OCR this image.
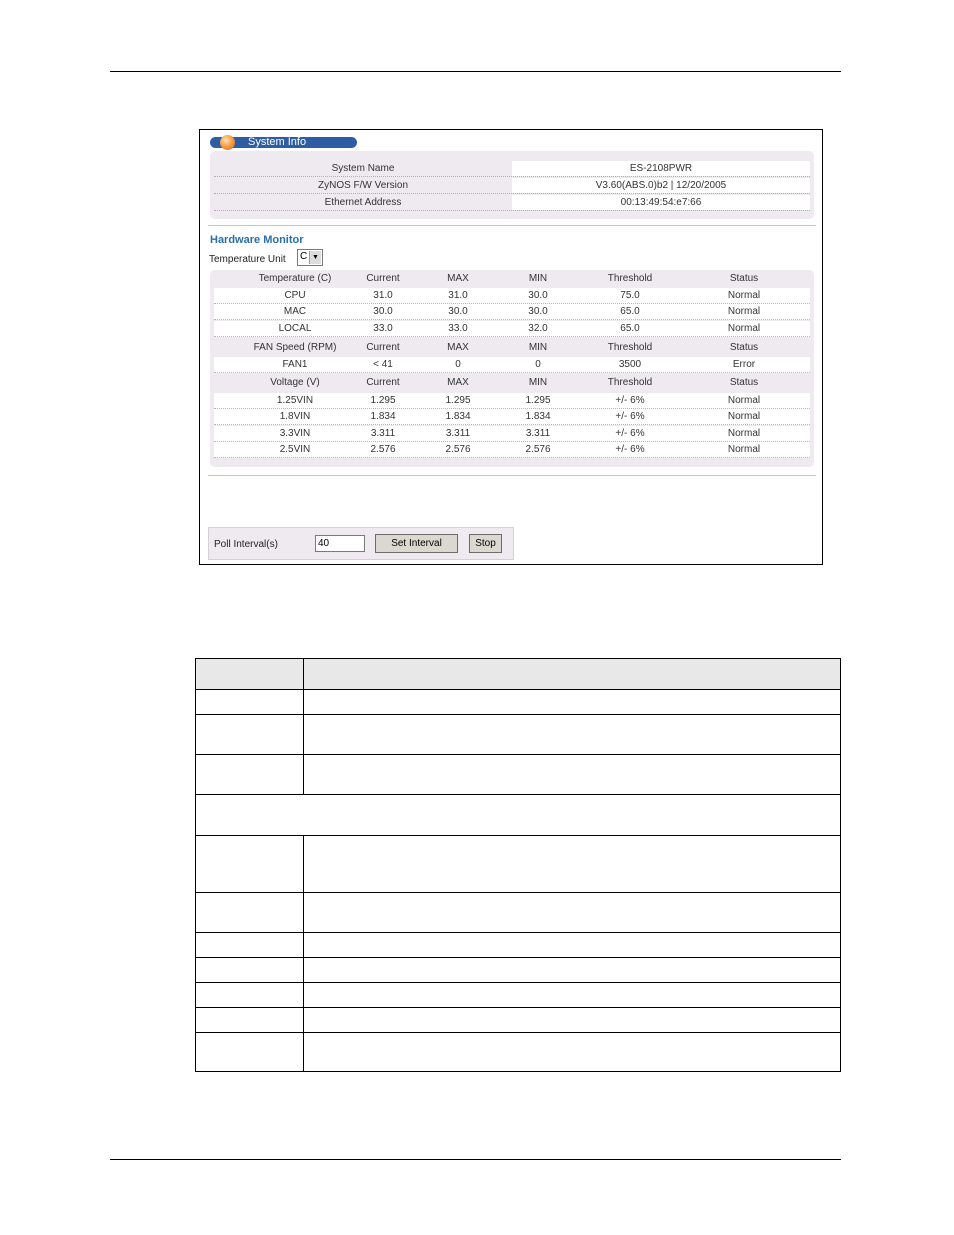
System Info
System Name	ES-2108PWR
ZyNOS F/W Version	V3.60(ABS.0)b2 | 12/20/2005
Ethernet Address	00:13:49:54:e7:66
Hardware Monitor
Temperature Unit C ▼
Temperature (C)	Current	MAX	MIN	Threshold	Status
CPU	31.0	31.0	30.0	75.0	Normal
MAC	30.0	30.0	30.0	65.0	Normal
LOCAL	33.0	33.0	32.0	65.0	Normal
FAN Speed (RPM)	Current	MAX	MIN	Threshold	Status
FAN1	< 41	0	0	3500	Error
Voltage (V)	Current	MAX	MIN	Threshold	Status
1.25VIN	1.295	1.295	1.295	+/- 6%	Normal
1.8VIN	1.834	1.834	1.834	+/- 6%	Normal
3.3VIN	3.311	3.311	3.311	+/- 6%	Normal
2.5VIN	2.576	2.576	2.576	+/- 6%	Normal
Poll Interval(s)	40	Set Interval	Stop
